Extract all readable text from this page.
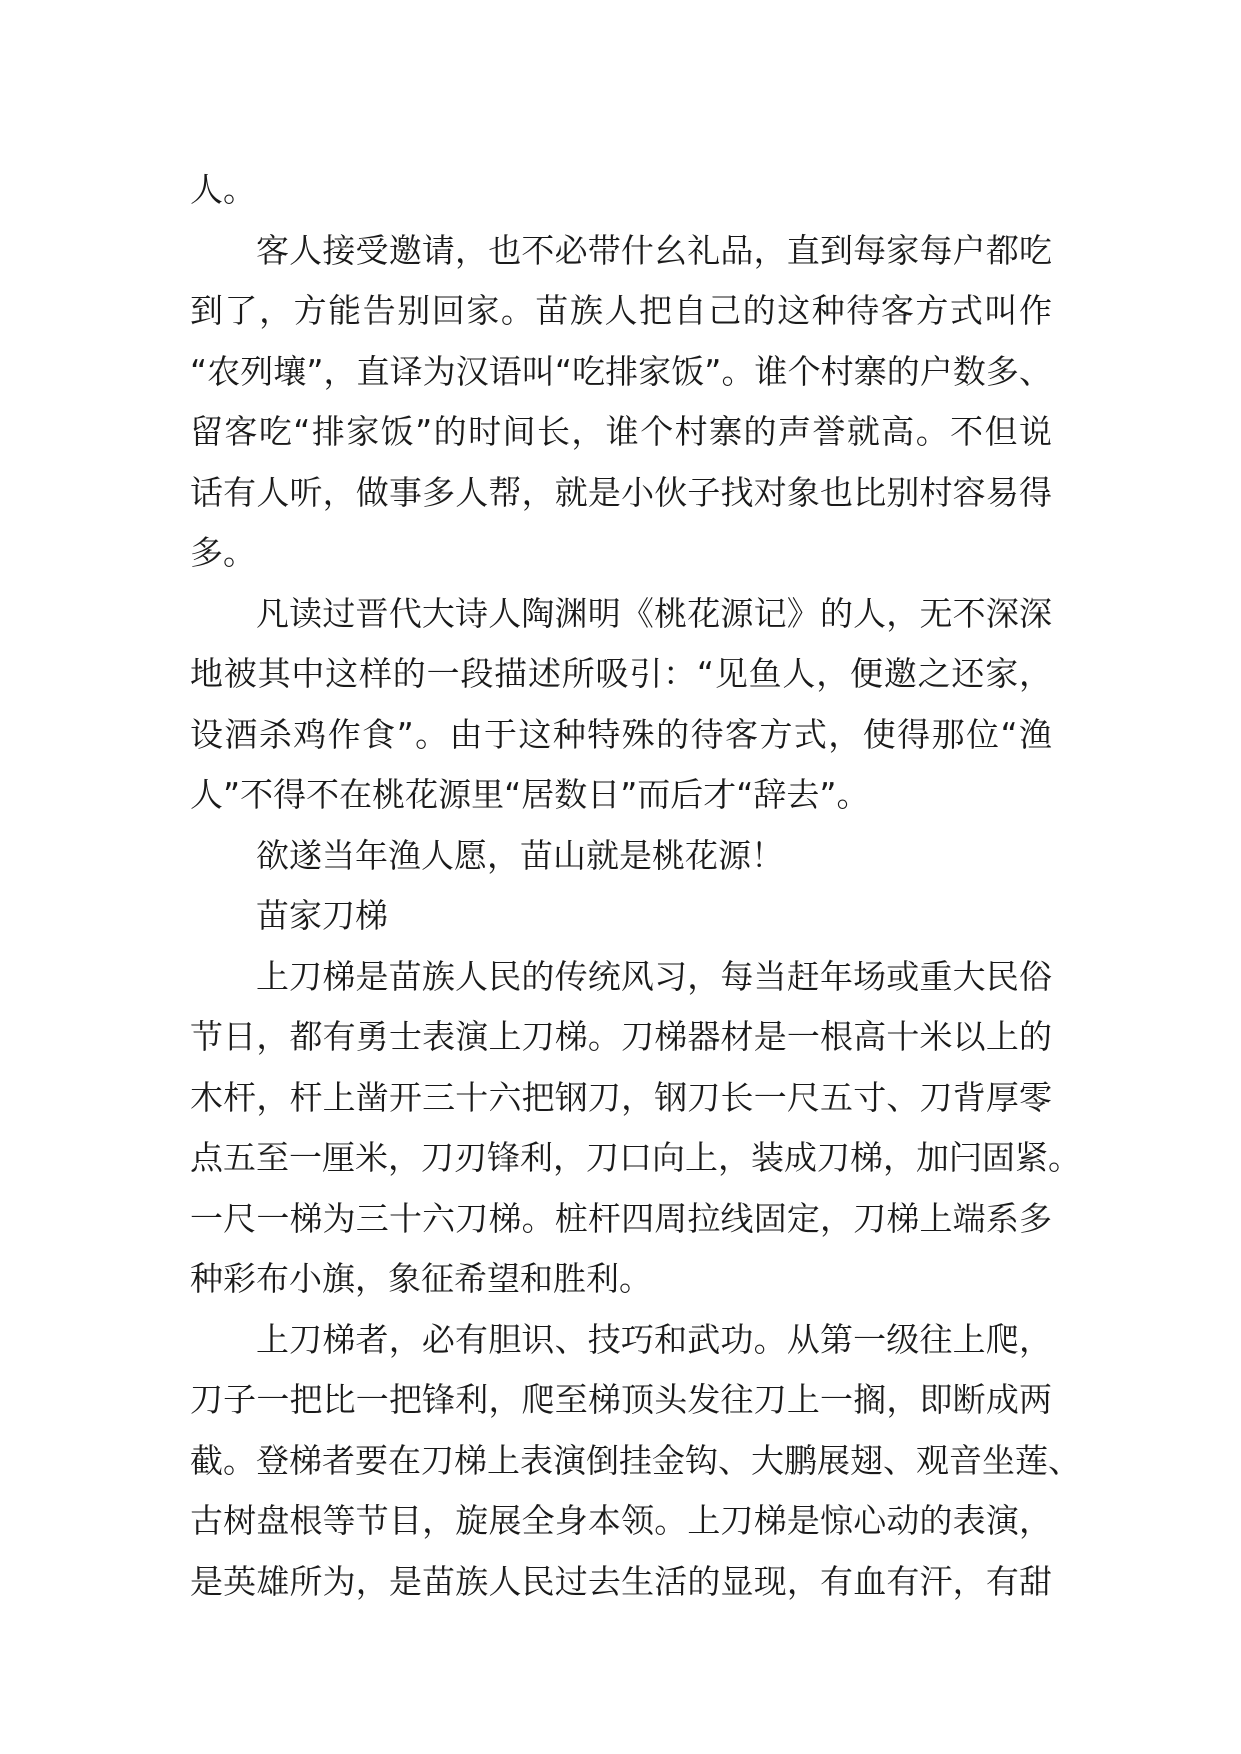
人。
客人接受邀请，也不必带什幺礼品，直到每家每户都吃
到了，方能告别回家。苗族人把自己的这种待客方式叫作
“农列壤”，直译为汉语叫“吃排家饭”。谁个村寨的户数多、
留客吃“排家饭”的时间长，谁个村寨的声誉就高。不但说
话有人听，做事多人帮，就是小伙子找对象也比别村容易得
多。
凡读过晋代大诗人陶渊明《桃花源记》的人，无不深深
地被其中这样的一段描述所吸引：“见鱼人，便邀之还家，
设酒杀鸡作食”。由于这种特殊的待客方式，使得那位“渔
人”不得不在桃花源里“居数日”而后才“辞去”。
欲遂当年渔人愿，苗山就是桃花源！
苗家刀梯
上刀梯是苗族人民的传统风习，每当赶年场或重大民俗
节日，都有勇士表演上刀梯。刀梯器材是一根高十米以上的
木杆，杆上凿开三十六把钢刀，钢刀长一尺五寸、刀背厚零
点五至一厘米，刀刃锋利，刀口向上，装成刀梯，加闩固紧。
一尺一梯为三十六刀梯。桩杆四周拉线固定，刀梯上端系多
种彩布小旗，象征希望和胜利。
上刀梯者，必有胆识、技巧和武功。从第一级往上爬，
刀子一把比一把锋利，爬至梯顶头发往刀上一搁，即断成两
截。登梯者要在刀梯上表演倒挂金钩、大鹏展翅、观音坐莲、
古树盘根等节目，旋展全身本领。上刀梯是惊心动的表演，
是英雄所为，是苗族人民过去生活的显现，有血有汗，有甜
